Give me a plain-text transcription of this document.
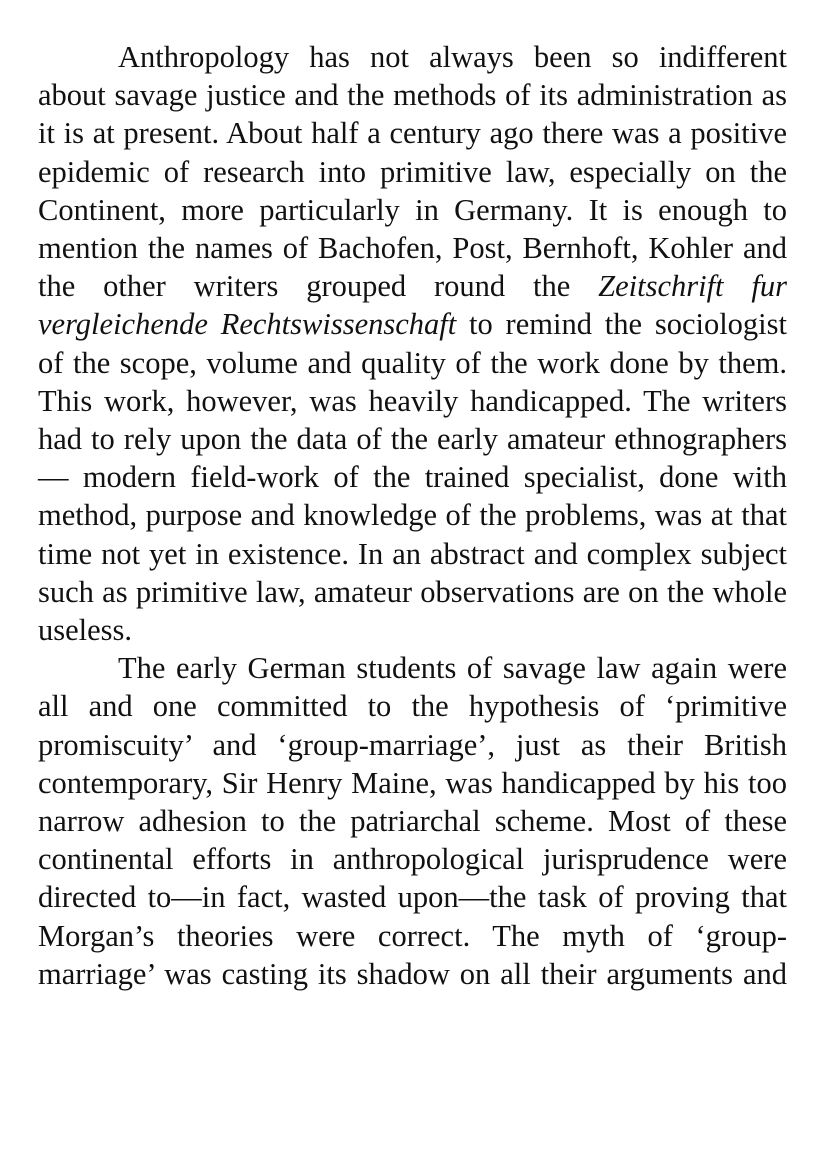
Anthropology has not always been so indifferent about savage justice and the methods of its administration as it is at present. About half a century ago there was a positive epidemic of research into primitive law, especially on the Continent, more particularly in Germany. It is enough to mention the names of Bachofen, Post, Bernhoft, Kohler and the other writers grouped round the Zeitschrift fur vergleichende Rechtswissenschaft to remind the sociologist of the scope, volume and quality of the work done by them. This work, however, was heavily handicapped. The writers had to rely upon the data of the early amateur ethnographers— modern field-work of the trained specialist, done with method, purpose and knowledge of the problems, was at that time not yet in existence. In an abstract and complex subject such as primitive law, amateur observations are on the whole useless.

The early German students of savage law again were all and one committed to the hypothesis of ‘primitive promiscuity’ and ‘group-marriage’, just as their British contemporary, Sir Henry Maine, was handicapped by his too narrow adhesion to the patriarchal scheme. Most of these continental efforts in anthropological jurisprudence were directed to—in fact, wasted upon—the task of proving that Morgan’s theories were correct. The myth of ‘group-marriage’ was casting its shadow on all their arguments and
